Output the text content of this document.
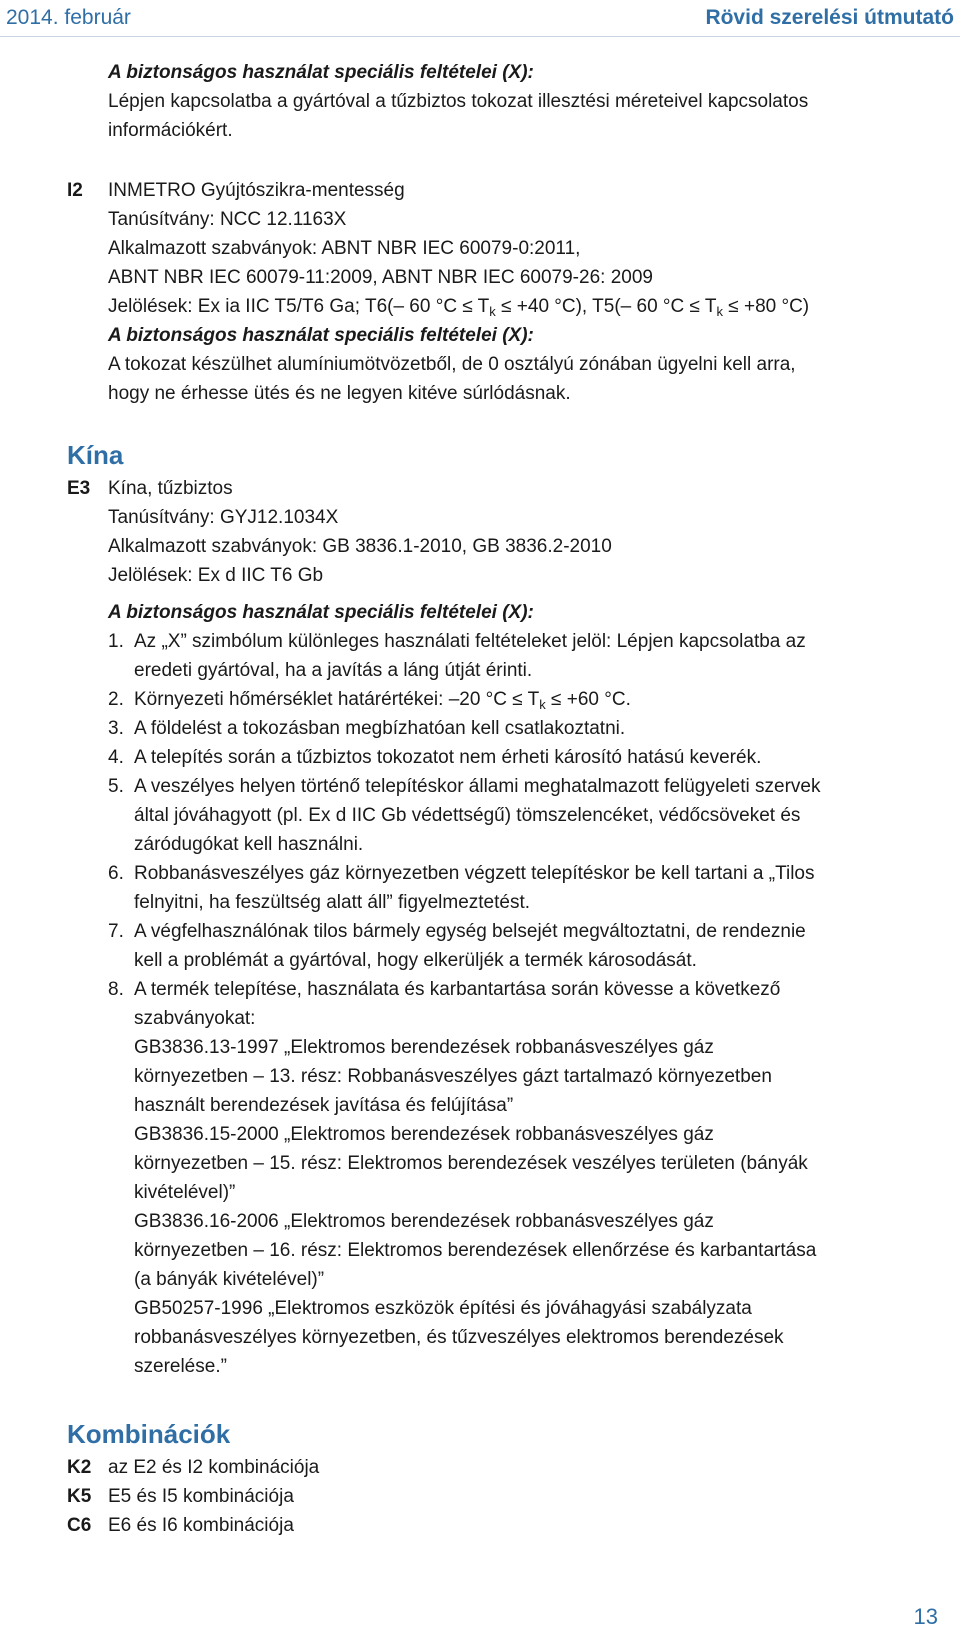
2014. február	Rövid szerelési útmutató
A biztonságos használat speciális feltételei (X):
Lépjen kapcsolatba a gyártóval a tűzbiztos tokozat illesztési méreteivel kapcsolatos
információkért.
I2 INMETRO Gyújtószikra-mentesség
Tanúsítvány: NCC 12.1163X
Alkalmazott szabványok: ABNT NBR IEC 60079-0:2011,
ABNT NBR IEC 60079-11:2009, ABNT NBR IEC 60079-26: 2009
Jelölések: Ex ia IIC T5/T6 Ga; T6(– 60 $^\circ C \le T_k \le +40$ °C), T5(– 60 $^\circ C \le T_k \le +80$ °C)
A biztonságos használat speciális feltételei (X):
A tokozat készülhet alumíniumötvözetből, de 0 osztályú zónában ügyelni kell arra,
hogy ne érhesse ütés és ne legyen kitéve súrlódásnak.
Kína
E3 Kína, tűzbiztos
Tanúsítvány: GYJ12.1034X
Alkalmazott szabványok: GB 3836.1-2010, GB 3836.2-2010
Jelölések: Ex d IIC T6 Gb
A biztonságos használat speciális feltételei (X):
1. Az „X” szimbólum különleges használati feltételeket jelöl: Lépjen kapcsolatba az
eredeti gyártóval, ha a javítás a láng útját érinti.
2. Környezeti hőmérséklet határértékei: –20 $^\circ C \le T_k \le +60$ °C.
3. A földelést a tokozásban megbízhatóan kell csatlakoztatni.
4. A telepítés során a tűzbiztos tokozatot nem érheti károsító hatású keverék.
5. A veszélyes helyen történő telepítéskor állami meghatalmazott felügyeleti szervek
által jóváhagyott (pl. Ex d IIC Gb védettségű) tömszelencéket, védőcsöveket és
záródugókat kell használni.
6. Robbanásveszélyes gáz környezetben végzett telepítéskor be kell tartani a „Tilos
felnyitni, ha feszültség alatt áll” figyelmeztetést.
7. A végfelhasználónak tilos bármely egység belsejét megváltoztatni, de rendeznie
kell a problémát a gyártóval, hogy elkerüljék a termék károsodását.
8. A termék telepítése, használata és karbantartása során kövesse a következő
szabványokat:
GB3836.13-1997 „Elektromos berendezések robbanásveszélyes gáz
környezetben – 13. rész: Robbanásveszélyes gázt tartalmazó környezetben
használt berendezések javítása és felújítása”
GB3836.15-2000 „Elektromos berendezések robbanásveszélyes gáz
környezetben – 15. rész: Elektromos berendezések veszélyes területen (bányák
kivételével)”
GB3836.16-2006 „Elektromos berendezések robbanásveszélyes gáz
környezetben – 16. rész: Elektromos berendezések ellenőrzése és karbantartása
(a bányák kivételével)”
GB50257-1996 „Elektromos eszközök építési és jóváhagyási szabályzata
robbanásveszélyes környezetben, és tűzveszélyes elektromos berendezések
szerelése.”
Kombinációk
K2 az E2 és I2 kombinációja
K5 E5 és I5 kombinációja
C6 E6 és I6 kombinációja
13
